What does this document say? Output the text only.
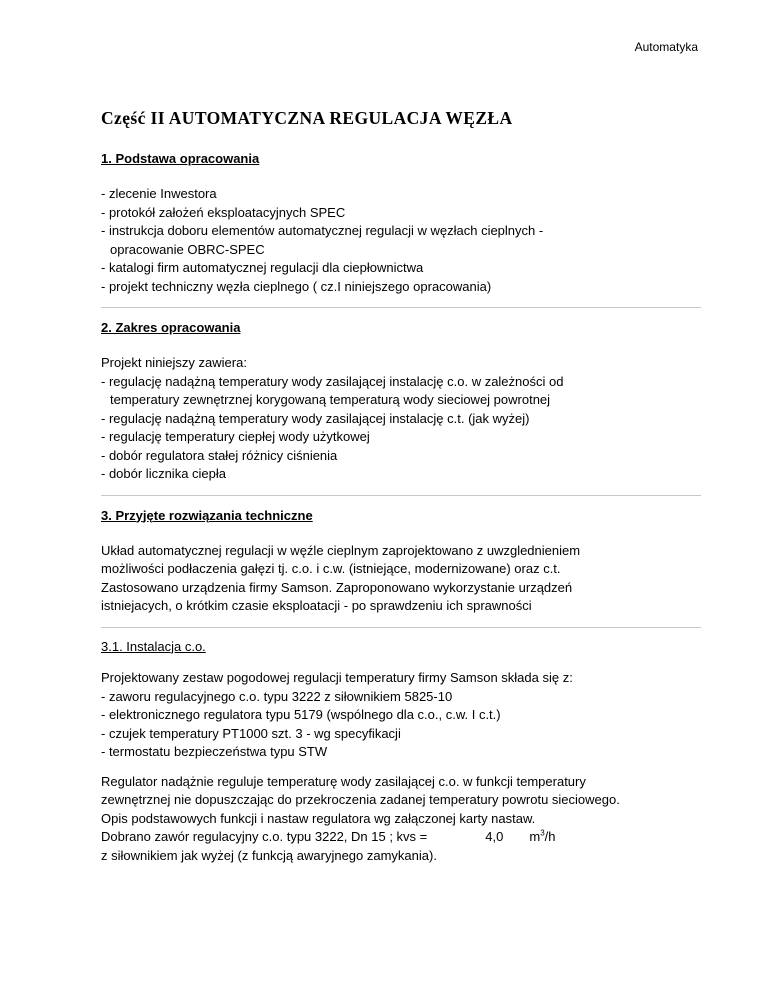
Automatyka
Część II AUTOMATYCZNA REGULACJA WĘZŁA
1. Podstawa opracowania
- zlecenie Inwestora
- protokół założeń eksploatacyjnych SPEC
- instrukcja doboru elementów automatycznej regulacji w węzłach cieplnych -
opracowanie OBRC-SPEC
- katalogi firm automatycznej regulacji dla ciepłownictwa
- projekt techniczny węzła cieplnego ( cz.I niniejszego opracowania)
2. Zakres opracowania
Projekt niniejszy zawiera:
- regulację nadążną temperatury wody zasilającej instalację c.o. w zależności od
temperatury zewnętrznej korygowaną temperaturą wody sieciowej powrotnej
- regulację nadążną temperatury wody zasilającej instalację c.t. (jak wyżej)
- regulację temperatury ciepłej wody użytkowej
- dobór regulatora stałej różnicy ciśnienia
- dobór licznika ciepła
3. Przyjęte rozwiązania techniczne
Układ automatycznej regulacji w węźle cieplnym zaprojektowano z uwzglednieniem
możliwości podłaczenia gałęzi tj. c.o. i c.w. (istniejące, modernizowane) oraz c.t.
Zastosowano urządzenia firmy Samson. Zaproponowano wykorzystanie urządzeń
istniejacych, o krótkim czasie eksploatacji - po sprawdzeniu ich sprawności
3.1. Instalacja c.o.
Projektowany zestaw pogodowej regulacji temperatury firmy Samson składa się z:
- zaworu regulacyjnego c.o. typu 3222 z siłownikiem 5825-10
- elektronicznego regulatora typu 5179 (wspólnego dla c.o., c.w. I c.t.)
- czujek temperatury PT1000 szt. 3 - wg specyfikacji
- termostatu bezpieczeństwa typu STW
Regulator nadążnie reguluje temperaturę wody zasilającej c.o. w funkcji temperatury
zewnętrznej nie dopuszczając do przekroczenia zadanej temperatury powrotu sieciowego.
Opis podstawowych funkcji i nastaw regulatora wg załączonej karty nastaw.
Dobrano zawór regulacyjny c.o. typu 3222, Dn 15 ; kvs =	4,0 $m^3/h$
z siłownikiem jak wyżej (z funkcją awaryjnego zamykania).
